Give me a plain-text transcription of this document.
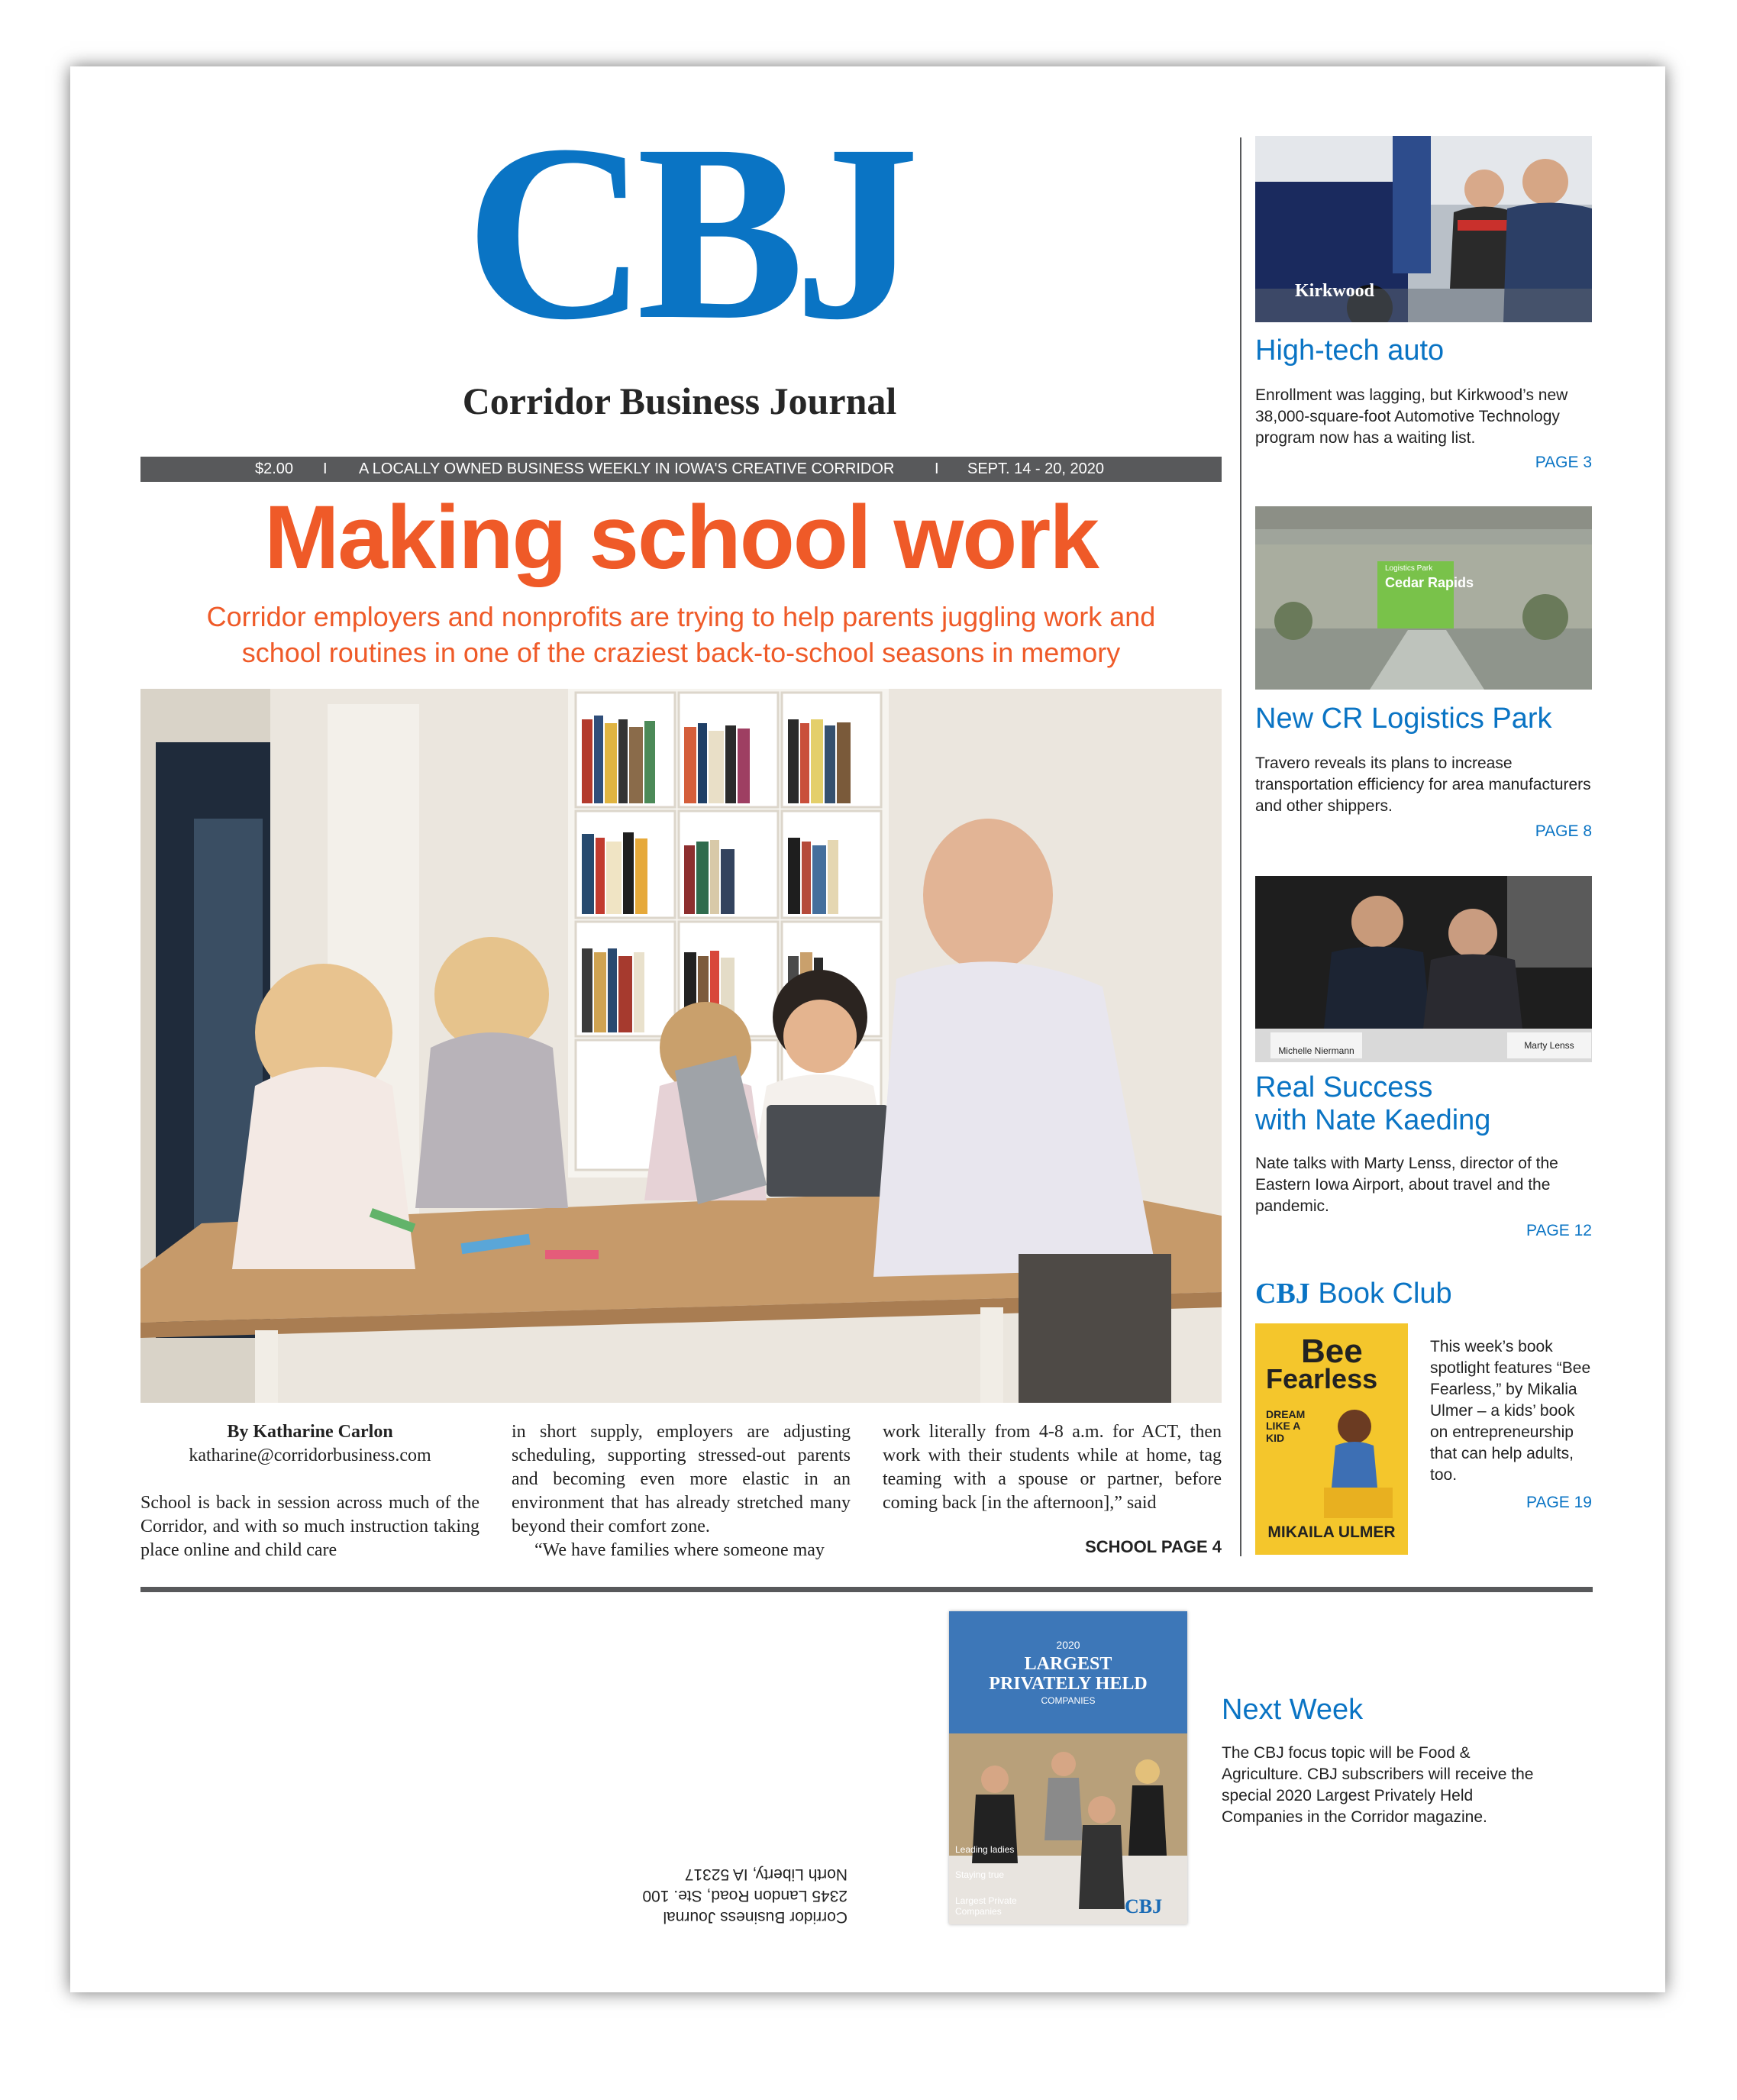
CBJ
Corridor Business Journal
$2.00 I A LOCALLY OWNED BUSINESS WEEKLY IN IOWA'S CREATIVE CORRIDOR	I SEPT. 14 - 20, 2020
Making school work
Corridor employers and nonprofits are trying to help parents juggling work and
school routines in one of the craziest back-to-school seasons in memory

By Katharine Carlon

katharine@corridorbusiness.com

School is back in session across much of the Corridor, and with so much instruction taking place online and child care

in short supply, employers are adjusting scheduling, supporting stressed-out parents and becoming even more elastic in an environment that has already stretched many beyond their comfort zone.

“We have families where someone may

work literally from 4-8 a.m. for ACT, then work with their students while at home, tag teaming with a spouse or partner, before coming back [in the afternoon],” said

SCHOOL PAGE 4
Kirkwood
High-tech auto
Enrollment was lagging, but Kirkwood’s new 38,000-square-foot Automotive Technology program now has a waiting list.
PAGE 3
Logistics Park
Cedar Rapids
New CR Logistics Park
Travero reveals its plans to increase transportation efficiency for area manufacturers and other shippers.
PAGE 8
Michelle Niermann	Marty Lenss
Real Success
with Nate Kaeding
Nate talks with Marty Lenss, director of the Eastern Iowa Airport, about travel and the pandemic.
PAGE 12
CBJ Book Club
Bee
Fearless
DREAM LIKE A KID
MIKAILA ULMER
This week’s book spotlight features “Bee Fearless,” by Mikalia Ulmer – a kids’ book on entrepreneurship that can help adults, too.
PAGE 19
2020
LARGEST
PRIVATELY HELD
COMPANIES
Leading ladies
Staying true
Largest Private Companies	CBJ
Next Week
The CBJ focus topic will be Food & Agriculture. CBJ subscribers will receive the special 2020 Largest Privately Held Companies in the Corridor magazine.
Corridor Business Journal
2345 Landon Road, Ste. 100
North Liberty, IA 52317
